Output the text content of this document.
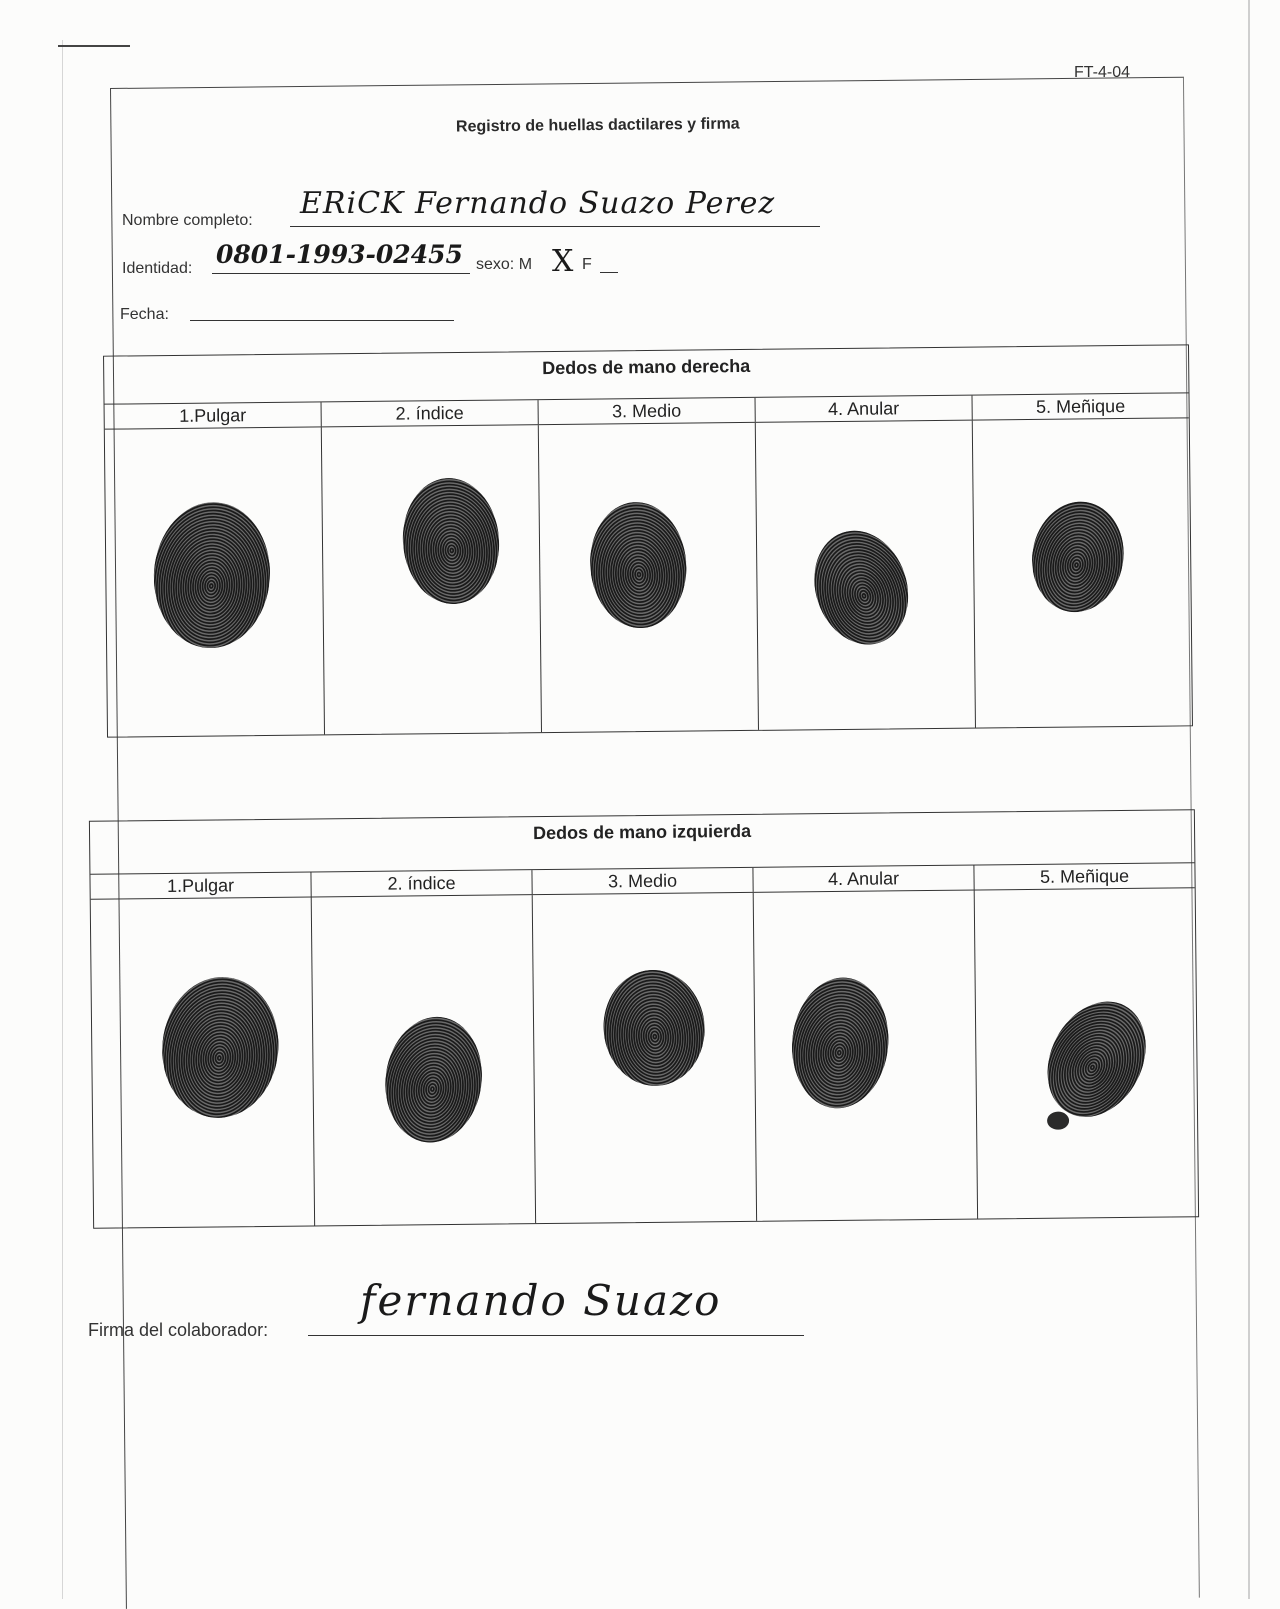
FT-4-04
Registro de huellas dactilares y firma
Nombre completo: ERiCK Fernando Suazo Perez
Identidad: 0801-1993-02455 sexo: M X F
Fecha:
Dedos de mano derecha
1.Pulgar	2. índice	3. Medio	4. Anular	5. Meñique
Dedos de mano izquierda
1.Pulgar	2. índice	3. Medio	4. Anular	5. Meñique
Firma del colaborador:
fernando Suazo
